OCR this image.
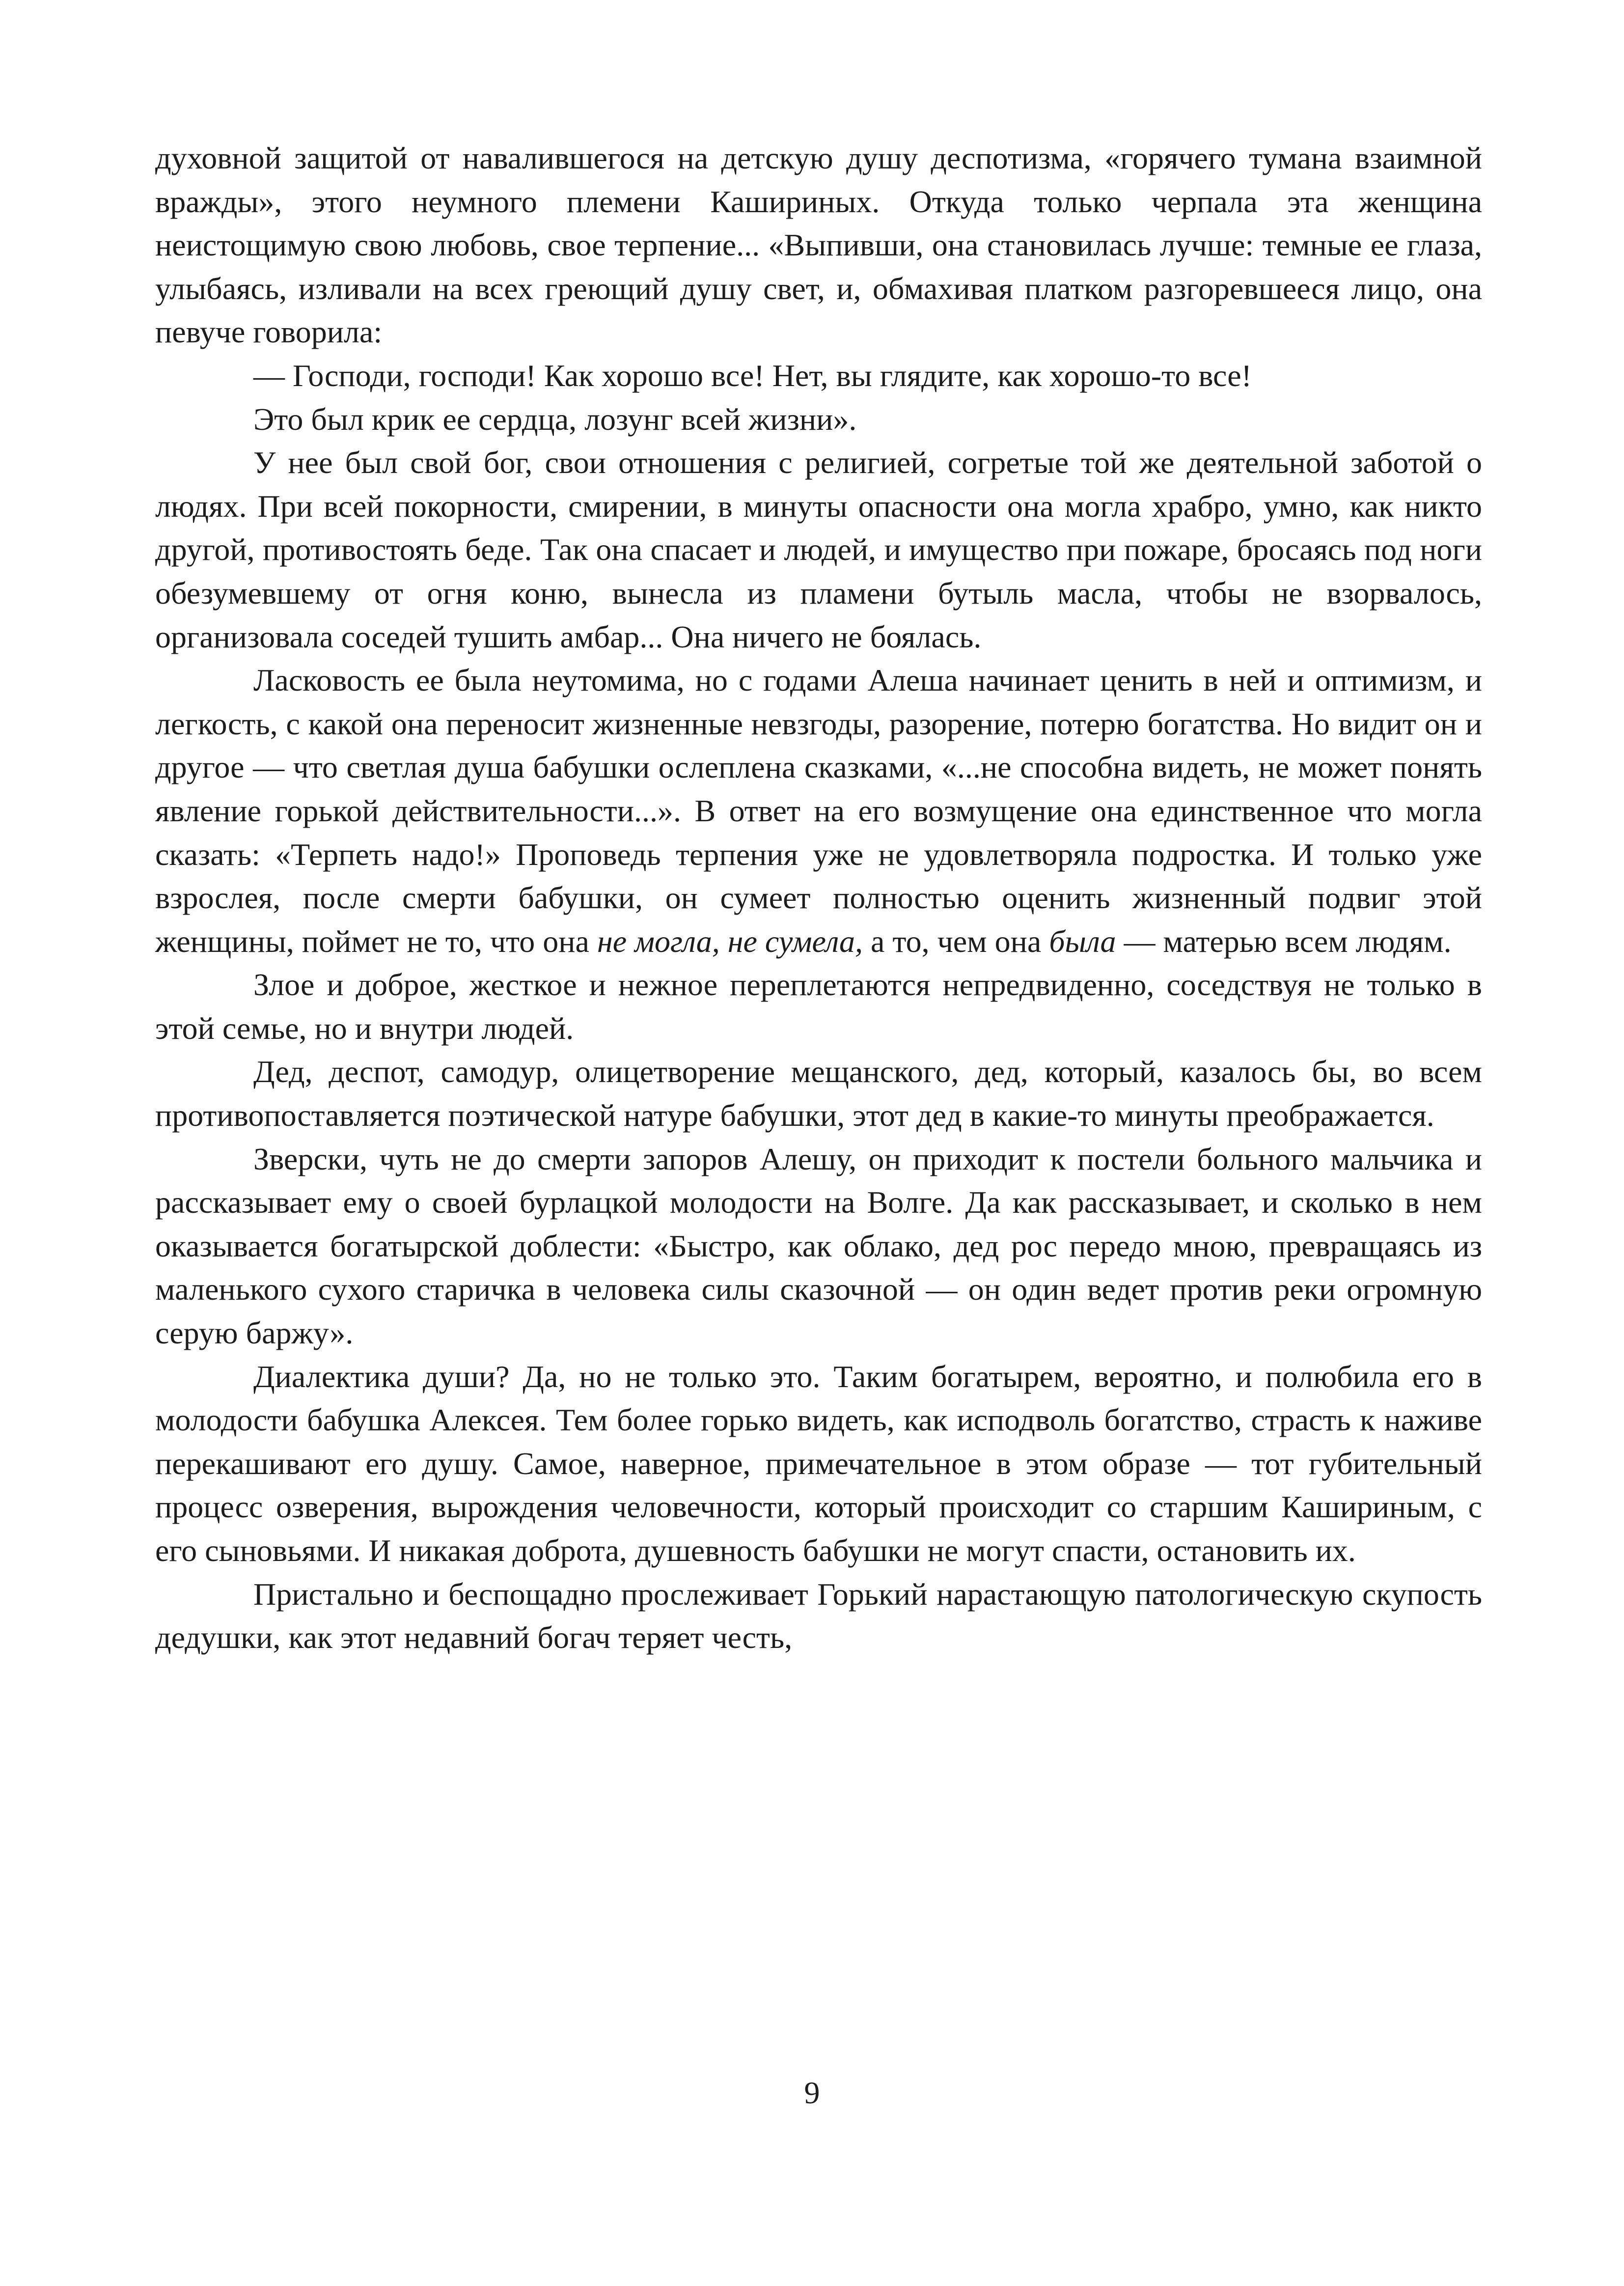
духовной защитой от навалившегося на детскую душу деспотизма, «горячего тумана взаимной вражды», этого неумного племени Кашириных. Откуда только черпала эта женщина неистощимую свою любовь, свое терпение... «Выпивши, она становилась лучше: темные ее глаза, улыбаясь, изливали на всех греющий душу свет, и, обмахивая платком разгоревшееся лицо, она певуче говорила:

— Господи, господи! Как хорошо все! Нет, вы глядите, как хорошо-то все!

Это был крик ее сердца, лозунг всей жизни».

У нее был свой бог, свои отношения с религией, согретые той же деятельной заботой о людях. При всей покорности, смирении, в минуты опасности она могла храбро, умно, как никто другой, противостоять беде. Так она спасает и людей, и имущество при пожаре, бросаясь под ноги обезумевшему от огня коню, вынесла из пламени бутыль масла, чтобы не взорвалось, организовала соседей тушить амбар... Она ничего не боялась.

Ласковость ее была неутомима, но с годами Алеша начинает ценить в ней и оптимизм, и легкость, с какой она переносит жизненные невзгоды, разорение, потерю богатства. Но видит он и другое — что светлая душа бабушки ослеплена сказками, «...не способна видеть, не может понять явление горькой действительности...». В ответ на его возмущение она единственное что могла сказать: «Терпеть надо!» Проповедь терпения уже не удовлетворяла подростка. И только уже взрослея, после смерти бабушки, он сумеет полностью оценить жизненный подвиг этой женщины, поймет не то, что она не могла, не сумела, а то, чем она была — матерью всем людям.

Злое и доброе, жесткое и нежное переплетаются непредвиденно, соседствуя не только в этой семье, но и внутри людей.

Дед, деспот, самодур, олицетворение мещанского, дед, который, казалось бы, во всем противопоставляется поэтической натуре бабушки, этот дед в какие-то минуты преображается.

Зверски, чуть не до смерти запоров Алешу, он приходит к постели больного мальчика и рассказывает ему о своей бурлацкой молодости на Волге. Да как рассказывает, и сколько в нем оказывается богатырской доблести: «Быстро, как облако, дед рос передо мною, превращаясь из маленького сухого старичка в человека силы сказочной — он один ведет против реки огромную серую баржу».

Диалектика души? Да, но не только это. Таким богатырем, вероятно, и полюбила его в молодости бабушка Алексея. Тем более горько видеть, как исподволь богатство, страсть к наживе перекашивают его душу. Самое, наверное, примечательное в этом образе — тот губительный процесс озверения, вырождения человечности, который происходит со старшим Кашириным, с его сыновьями. И никакая доброта, душевность бабушки не могут спасти, остановить их.

Пристально и беспощадно прослеживает Горький нарастающую патологическую скупость дедушки, как этот недавний богач теряет честь,

9
